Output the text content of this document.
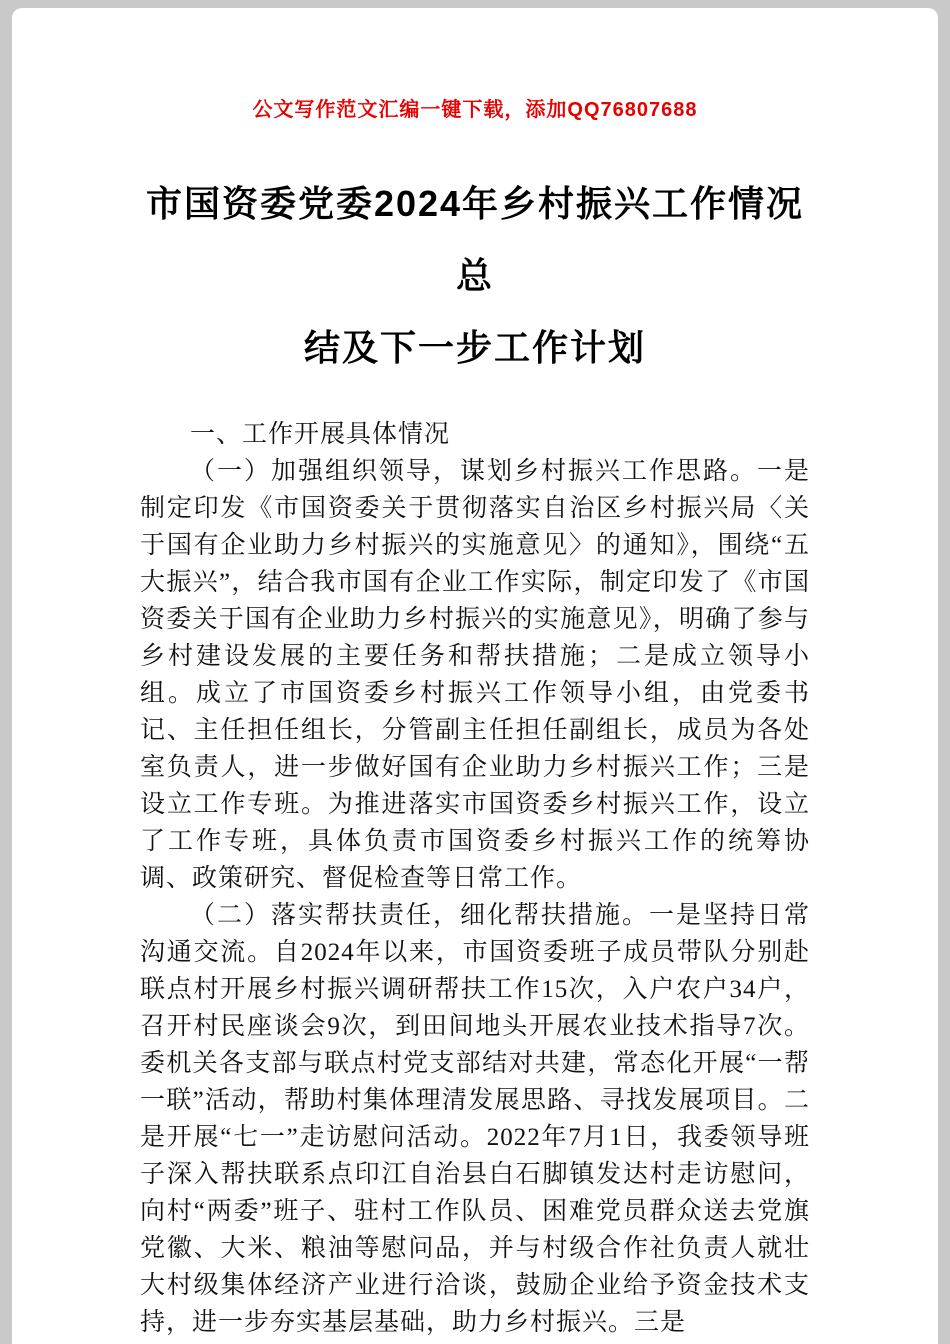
公文写作范文汇编一键下载，添加QQ76807688
市国资委党委2024年乡村振兴工作情况总
结及下一步工作计划

一、工作开展具体情况

（一）加强组织领导，谋划乡村振兴工作思路。一是制定印发《市国资委关于贯彻落实自治区乡村振兴局〈关于国有企业助力乡村振兴的实施意见〉的通知》，围绕“五大振兴”，结合我市国有企业工作实际，制定印发了《市国资委关于国有企业助力乡村振兴的实施意见》，明确了参与乡村建设发展的主要任务和帮扶措施；二是成立领导小组。成立了市国资委乡村振兴工作领导小组，由党委书记、主任担任组长，分管副主任担任副组长，成员为各处室负责人，进一步做好国有企业助力乡村振兴工作；三是设立工作专班。为推进落实市国资委乡村振兴工作，设立了工作专班，具体负责市国资委乡村振兴工作的统筹协调、政策研究、督促检查等日常工作。

（二）落实帮扶责任，细化帮扶措施。一是坚持日常沟通交流。自2024年以来，市国资委班子成员带队分别赴联点村开展乡村振兴调研帮扶工作15次，入户农户34户，召开村民座谈会9次，到田间地头开展农业技术指导7次。委机关各支部与联点村党支部结对共建，常态化开展“一帮一联”活动，帮助村集体理清发展思路、寻找发展项目。二是开展“七一”走访慰问活动。2022年7月1日，我委领导班子深入帮扶联系点印江自治县白石脚镇发达村走访慰问，向村“两委”班子、驻村工作队员、困难党员群众送去党旗党徽、大米、粮油等慰问品，并与村级合作社负责人就壮大村级集体经济产业进行洽谈，鼓励企业给予资金技术支持，进一步夯实基层基础，助力乡村振兴。三是
